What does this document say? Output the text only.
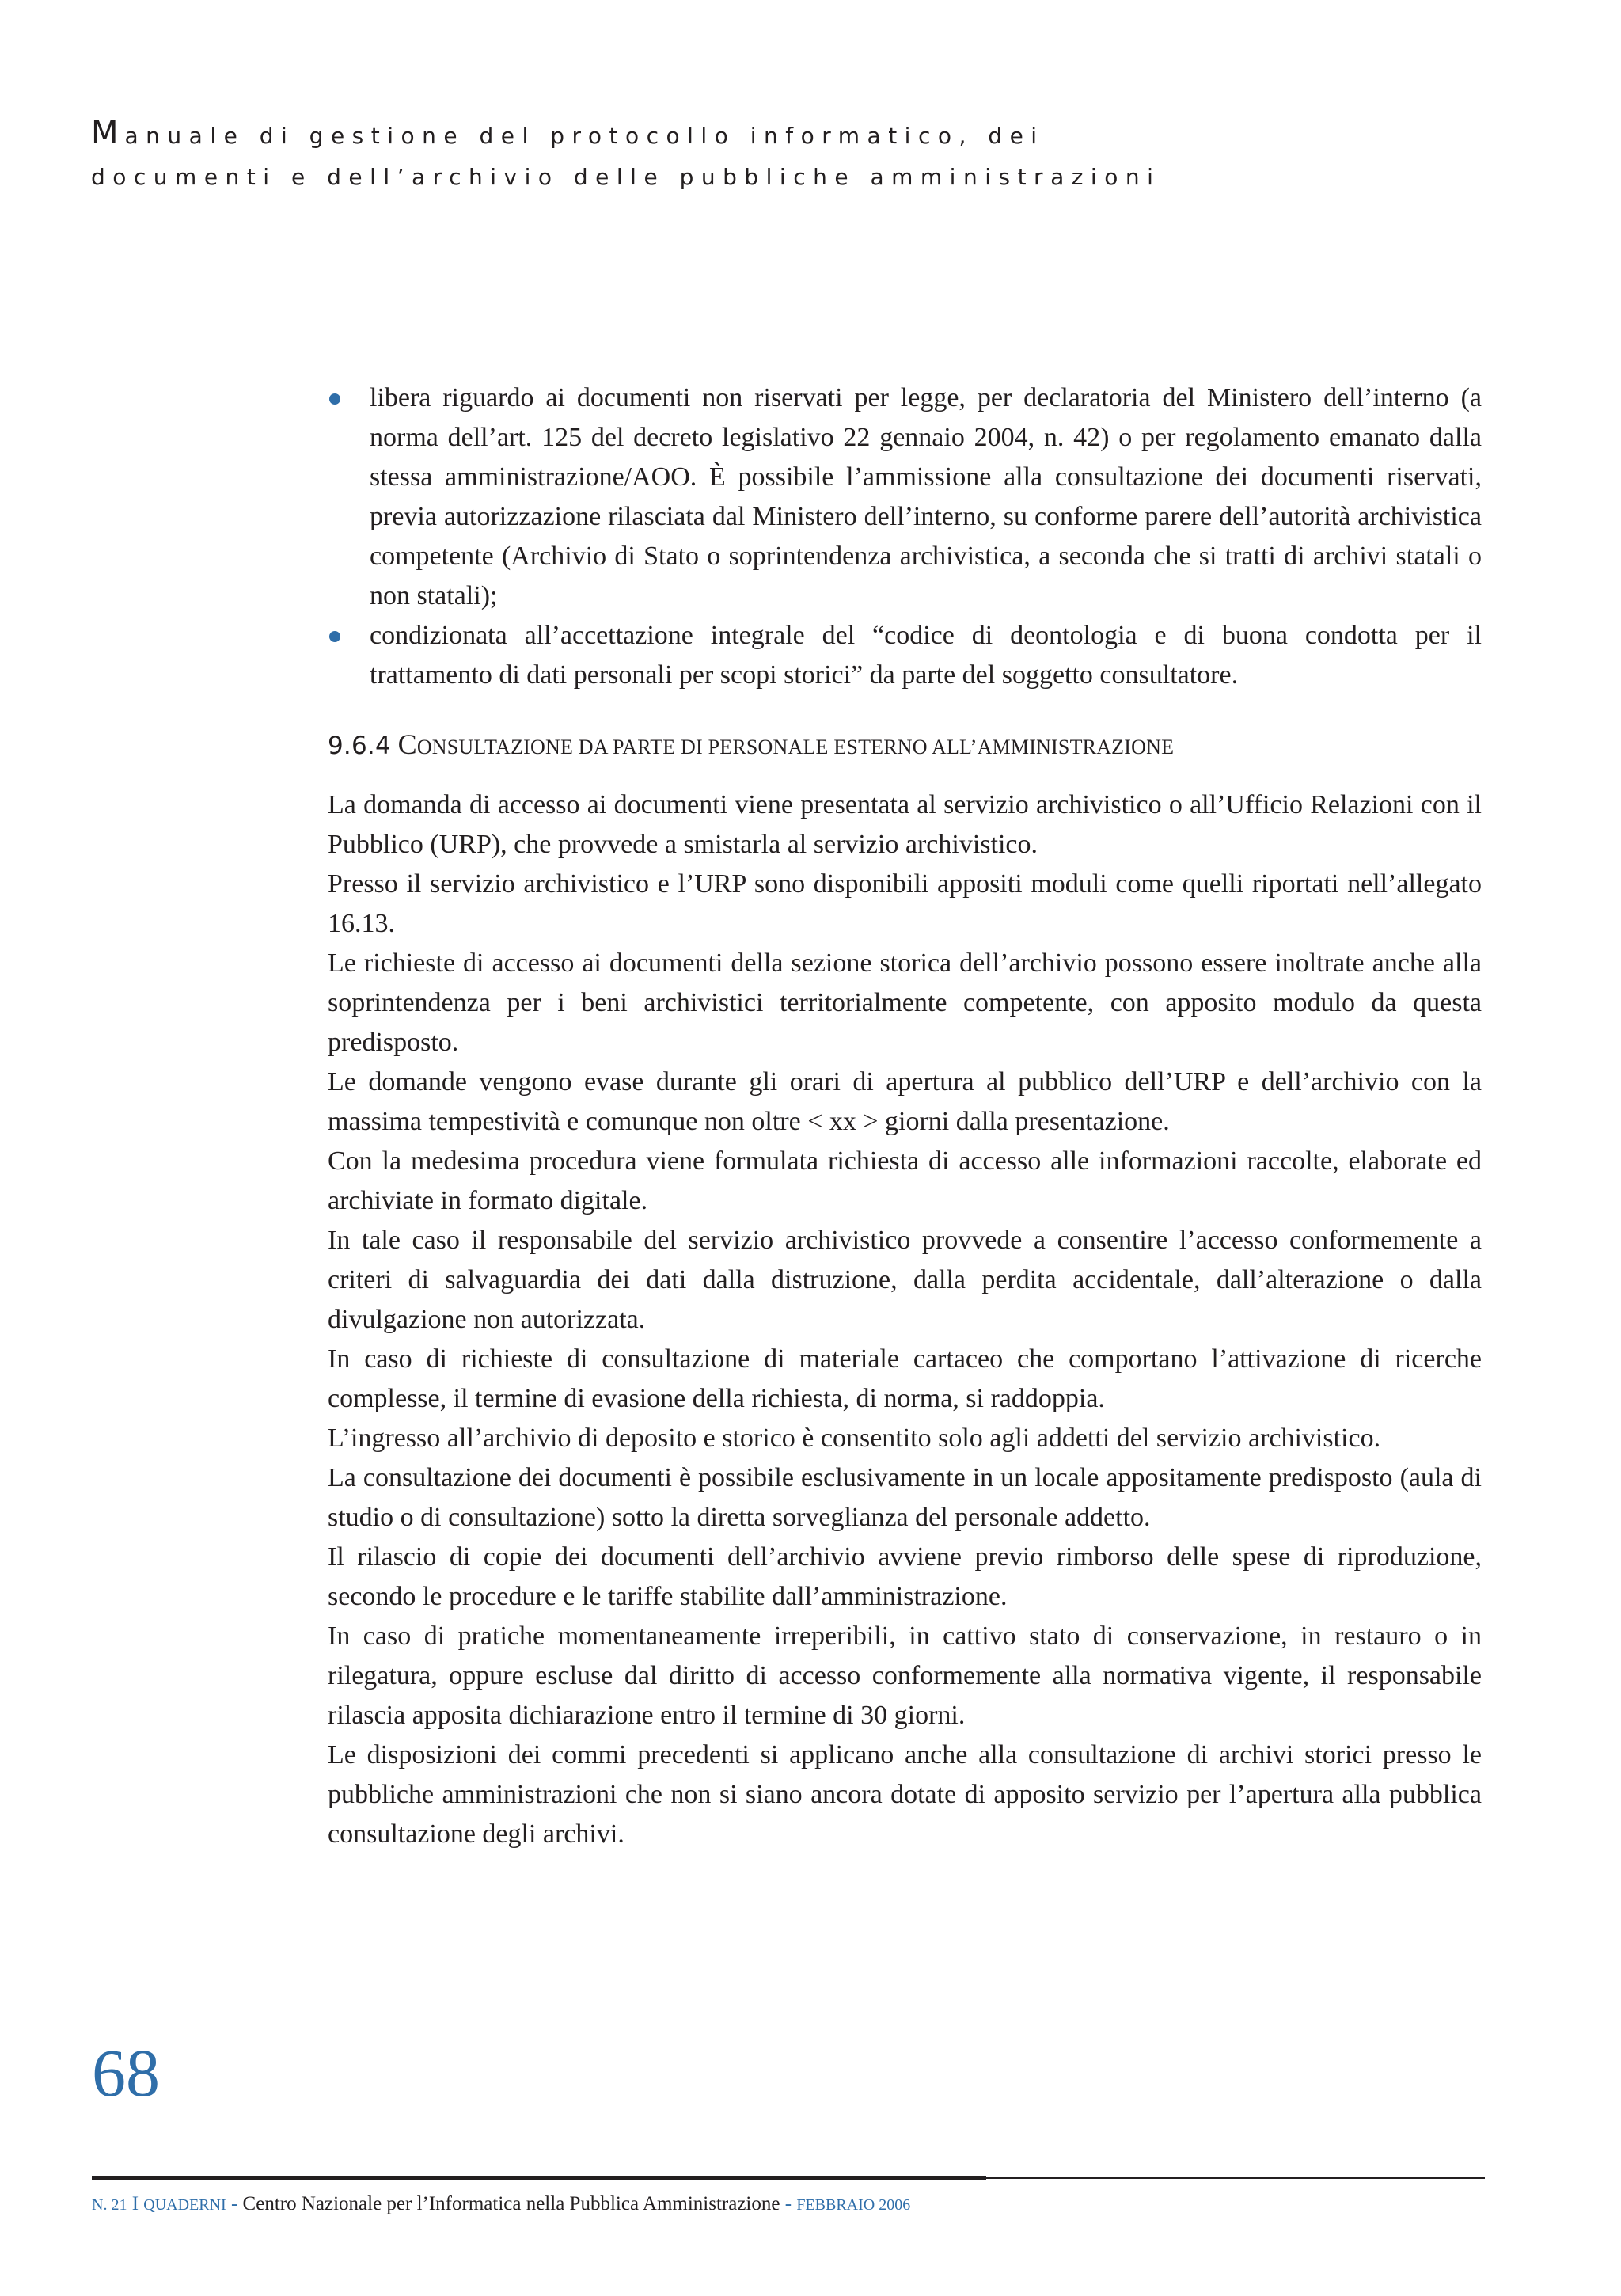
Manuale di gestione del protocollo informatico, dei
documenti e dell’archivio delle pubbliche amministrazioni
libera riguardo ai documenti non riservati per legge, per declaratoria del Ministero dell’interno (a norma dell’art. 125 del decreto legislativo 22 gennaio 2004, n. 42) o per regolamento emanato dalla stessa amministrazione/AOO. È possibile l’ammissione alla consultazione dei documenti riservati, previa autorizzazione rilasciata dal Ministero dell’interno, su conforme parere dell’autorità archivistica competente (Archivio di Stato o soprintendenza archivistica, a seconda che si tratti di archivi statali o non statali);
condizionata all’accettazione integrale del “codice di deontologia e di buona condotta per il trattamento di dati personali per scopi storici” da parte del soggetto consultatore.
9.6.4 CONSULTAZIONE DA PARTE DI PERSONALE ESTERNO ALL’AMMINISTRAZIONE

La domanda di accesso ai documenti viene presentata al servizio archivistico o all’Ufficio Relazioni con il Pubblico (URP), che provvede a smistarla al servizio archivistico.

Presso il servizio archivistico e l’URP sono disponibili appositi moduli come quelli riportati nell’allegato 16.13.

Le richieste di accesso ai documenti della sezione storica dell’archivio possono essere inoltrate anche alla soprintendenza per i beni archivistici territorialmente competente, con apposito modulo da questa predisposto.

Le domande vengono evase durante gli orari di apertura al pubblico dell’URP e dell’archivio con la massima tempestività e comunque non oltre < xx > giorni dalla presentazione.

Con la medesima procedura viene formulata richiesta di accesso alle informazioni raccolte, elaborate ed archiviate in formato digitale.

In tale caso il responsabile del servizio archivistico provvede a consentire l’accesso conformemente a criteri di salvaguardia dei dati dalla distruzione, dalla perdita accidentale, dall’alterazione o dalla divulgazione non autorizzata.

In caso di richieste di consultazione di materiale cartaceo che comportano l’attivazione di ricerche complesse, il termine di evasione della richiesta, di norma, si raddoppia.

L’ingresso all’archivio di deposito e storico è consentito solo agli addetti del servizio archivistico.

La consultazione dei documenti è possibile esclusivamente in un locale appositamente predisposto (aula di studio o di consultazione) sotto la diretta sorveglianza del personale addetto.

Il rilascio di copie dei documenti dell’archivio avviene previo rimborso delle spese di riproduzione, secondo le procedure e le tariffe stabilite dall’amministrazione.

In caso di pratiche momentaneamente irreperibili, in cattivo stato di conservazione, in restauro o in rilegatura, oppure escluse dal diritto di accesso conformemente alla normativa vigente, il responsabile rilascia apposita dichiarazione entro il termine di 30 giorni.

Le disposizioni dei commi precedenti si applicano anche alla consultazione di archivi storici presso le pubbliche amministrazioni che non si siano ancora dotate di apposito servizio per l’apertura alla pubblica consultazione degli archivi.

68
N. 21 I QUADERNI - Centro Nazionale per l’Informatica nella Pubblica Amministrazione - FEBBRAIO 2006
